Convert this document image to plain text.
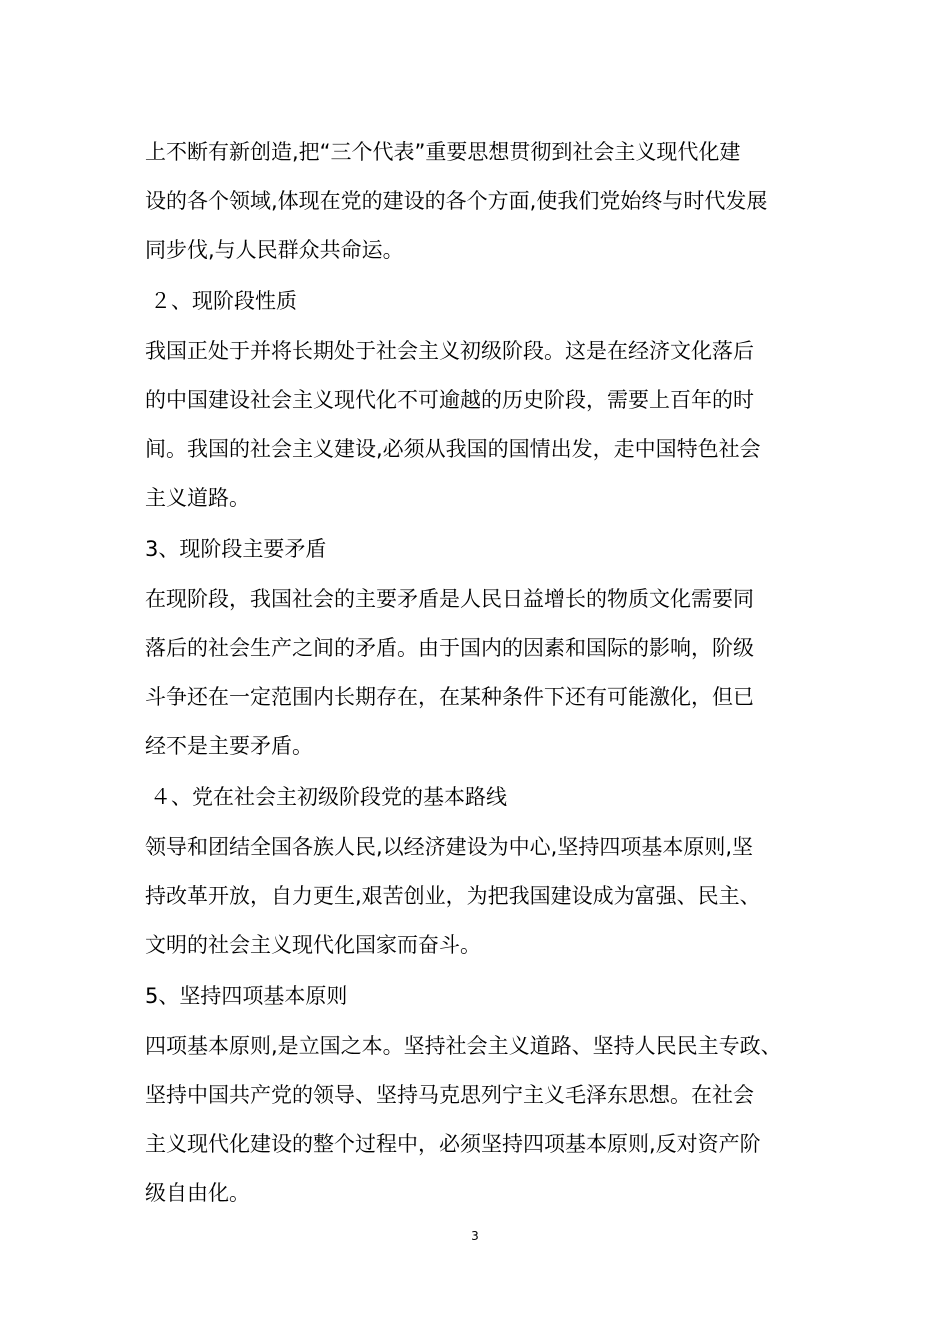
上不断有新创造,把“三个代表”重要思想贯彻到社会主义现代化建
设的各个领域,体现在党的建设的各个方面,使我们党始终与时代发展
同步伐,与人民群众共命运。
２、现阶段性质
我国正处于并将长期处于社会主义初级阶段。这是在经济文化落后
的中国建设社会主义现代化不可逾越的历史阶段，需要上百年的时
间。我国的社会主义建设,必须从我国的国情出发，走中国特色社会
主义道路。
3、现阶段主要矛盾
在现阶段，我国社会的主要矛盾是人民日益增长的物质文化需要同
落后的社会生产之间的矛盾。由于国内的因素和国际的影响，阶级
斗争还在一定范围内长期存在，在某种条件下还有可能激化，但已
经不是主要矛盾。
４、党在社会主初级阶段党的基本路线
领导和团结全国各族人民,以经济建设为中心,坚持四项基本原则,坚
持改革开放，自力更生,艰苦创业，为把我国建设成为富强、民主、
文明的社会主义现代化国家而奋斗。
5、坚持四项基本原则
四项基本原则,是立国之本。坚持社会主义道路、坚持人民民主专政、
坚持中国共产党的领导、坚持马克思列宁主义毛泽东思想。在社会
主义现代化建设的整个过程中，必须坚持四项基本原则,反对资产阶
级自由化。
3
